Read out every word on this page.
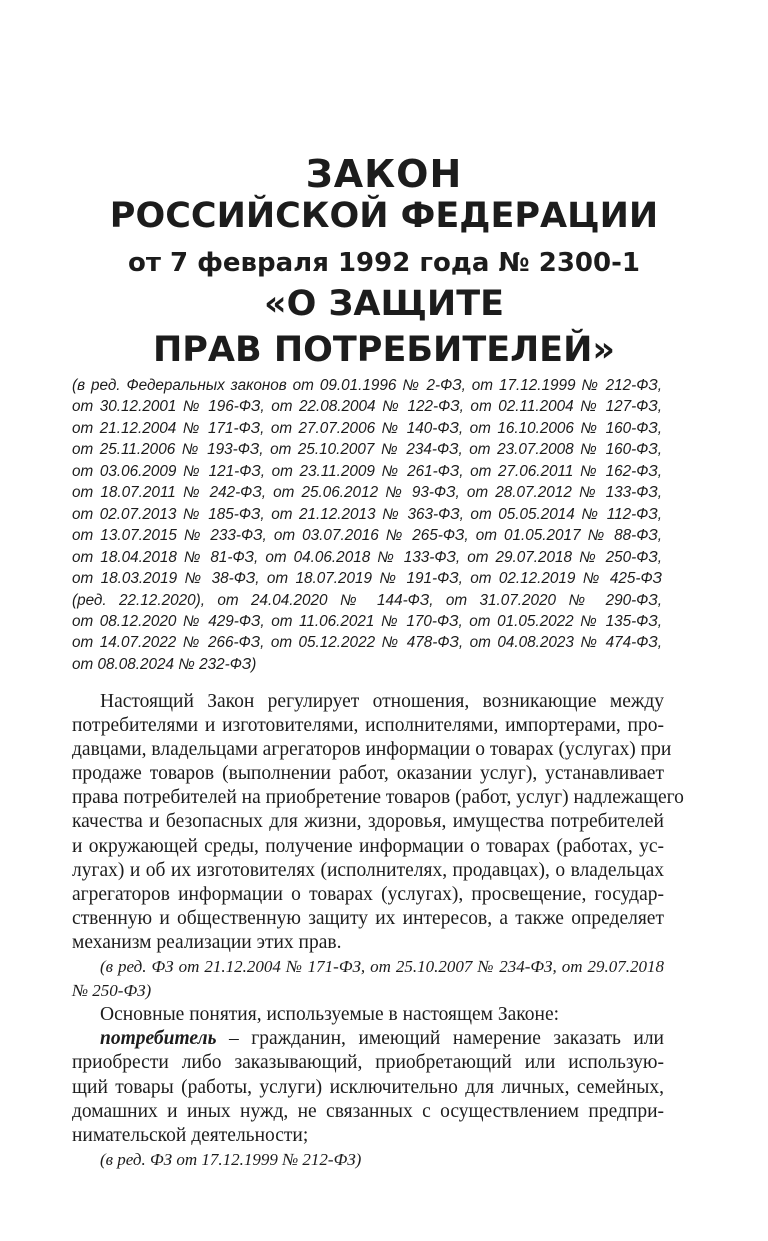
ЗАКОН
РОССИЙСКОЙ ФЕДЕРАЦИИ
от 7 февраля 1992 года № 2300-1
«О ЗАЩИТЕ
ПРАВ ПОТРЕБИТЕЛЕЙ»
(в ред. Федеральных законов от 09.01.1996 № 2-ФЗ, от 17.12.1999 № 212-ФЗ,
от 30.12.2001 № 196-ФЗ, от 22.08.2004 № 122-ФЗ, от 02.11.2004 № 127-ФЗ,
от 21.12.2004 № 171-ФЗ, от 27.07.2006 № 140-ФЗ, от 16.10.2006 № 160-ФЗ,
от 25.11.2006 № 193-ФЗ, от 25.10.2007 № 234-ФЗ, от 23.07.2008 № 160-ФЗ,
от 03.06.2009 № 121-ФЗ, от 23.11.2009 № 261-ФЗ, от 27.06.2011 № 162-ФЗ,
от 18.07.2011 № 242-ФЗ, от 25.06.2012 № 93-ФЗ, от 28.07.2012 № 133-ФЗ,
от 02.07.2013 № 185-ФЗ, от 21.12.2013 № 363-ФЗ, от 05.05.2014 № 112-ФЗ,
от 13.07.2015 № 233-ФЗ, от 03.07.2016 № 265-ФЗ, от 01.05.2017 № 88-ФЗ,
от 18.04.2018 № 81-ФЗ, от 04.06.2018 № 133-ФЗ, от 29.07.2018 № 250-ФЗ,
от 18.03.2019 № 38-ФЗ, от 18.07.2019 № 191-ФЗ, от 02.12.2019 № 425-ФЗ
(ред. 22.12.2020), от 24.04.2020 № 144-ФЗ, от 31.07.2020 № 290-ФЗ,
от 08.12.2020 № 429-ФЗ, от 11.06.2021 № 170-ФЗ, от 01.05.2022 № 135-ФЗ,
от 14.07.2022 № 266-ФЗ, от 05.12.2022 № 478-ФЗ, от 04.08.2023 № 474-ФЗ,
от 08.08.2024 № 232-ФЗ)
Настоящий Закон регулирует отношения, возникающие между
потребителями и изготовителями, исполнителями, импортерами, про-
давцами, владельцами агрегаторов информации о товарах (услугах) при
продаже товаров (выполнении работ, оказании услуг), устанавливает
права потребителей на приобретение товаров (работ, услуг) надлежащего
качества и безопасных для жизни, здоровья, имущества потребителей
и окружающей среды, получение информации о товарах (работах, ус-
лугах) и об их изготовителях (исполнителях, продавцах), о владельцах
агрегаторов информации о товарах (услугах), просвещение, государ-
ственную и общественную защиту их интересов, а также определяет
механизм реализации этих прав.
(в ред. ФЗ от 21.12.2004 № 171-ФЗ, от 25.10.2007 № 234-ФЗ, от 29.07.2018
№ 250-ФЗ)
Основные понятия, используемые в настоящем Законе:
потребитель – гражданин, имеющий намерение заказать или
приобрести либо заказывающий, приобретающий или использую-
щий товары (работы, услуги) исключительно для личных, семейных,
домашних и иных нужд, не связанных с осуществлением предпри-
нимательской деятельности;
(в ред. ФЗ от 17.12.1999 № 212-ФЗ)
